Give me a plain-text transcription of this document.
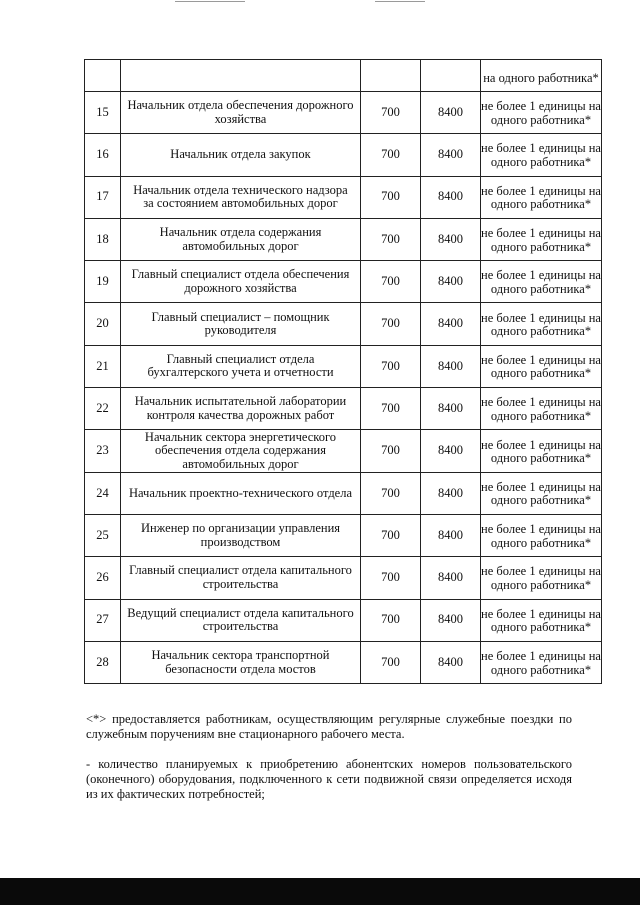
				на одного работника*
15	Начальник отдела обеспечения дорожного хозяйства	700	8400	не более 1 единицы на одного работника*
16	Начальник отдела закупок	700	8400	не более 1 единицы на одного работника*
17	Начальник отдела технического надзора за состоянием автомобильных дорог	700	8400	не более 1 единицы на одного работника*
18	Начальник отдела содержания автомобильных дорог	700	8400	не более 1 единицы на одного работника*
19	Главный специалист отдела обеспечения дорожного хозяйства	700	8400	не более 1 единицы на одного работника*
20	Главный специалист – помощник руководителя	700	8400	не более 1 единицы на одного работника*
21	Главный специалист отдела бухгалтерского учета и отчетности	700	8400	не более 1 единицы на одного работника*
22	Начальник испытательной лаборатории контроля качества дорожных работ	700	8400	не более 1 единицы на одного работника*
23	Начальник сектора энергетического обеспечения отдела содержания автомобильных дорог	700	8400	не более 1 единицы на одного работника*
24	Начальник проектно-технического отдела	700	8400	не более 1 единицы на одного работника*
25	Инженер по организации управления производством	700	8400	не более 1 единицы на одного работника*
26	Главный специалист отдела капитального строительства	700	8400	не более 1 единицы на одного работника*
27	Ведущий специалист отдела капитального строительства	700	8400	не более 1 единицы на одного работника*
28	Начальник сектора транспортной безопасности отдела мостов	700	8400	не более 1 единицы на одного работника*

<*> предоставляется работникам, осуществляющим регулярные служебные поездки по служебным поручениям вне стационарного рабочего места.

- количество планируемых к приобретению абонентских номеров пользовательского (оконечного) оборудования, подключенного к сети подвижной связи определяется исходя из их фактических потребностей;
